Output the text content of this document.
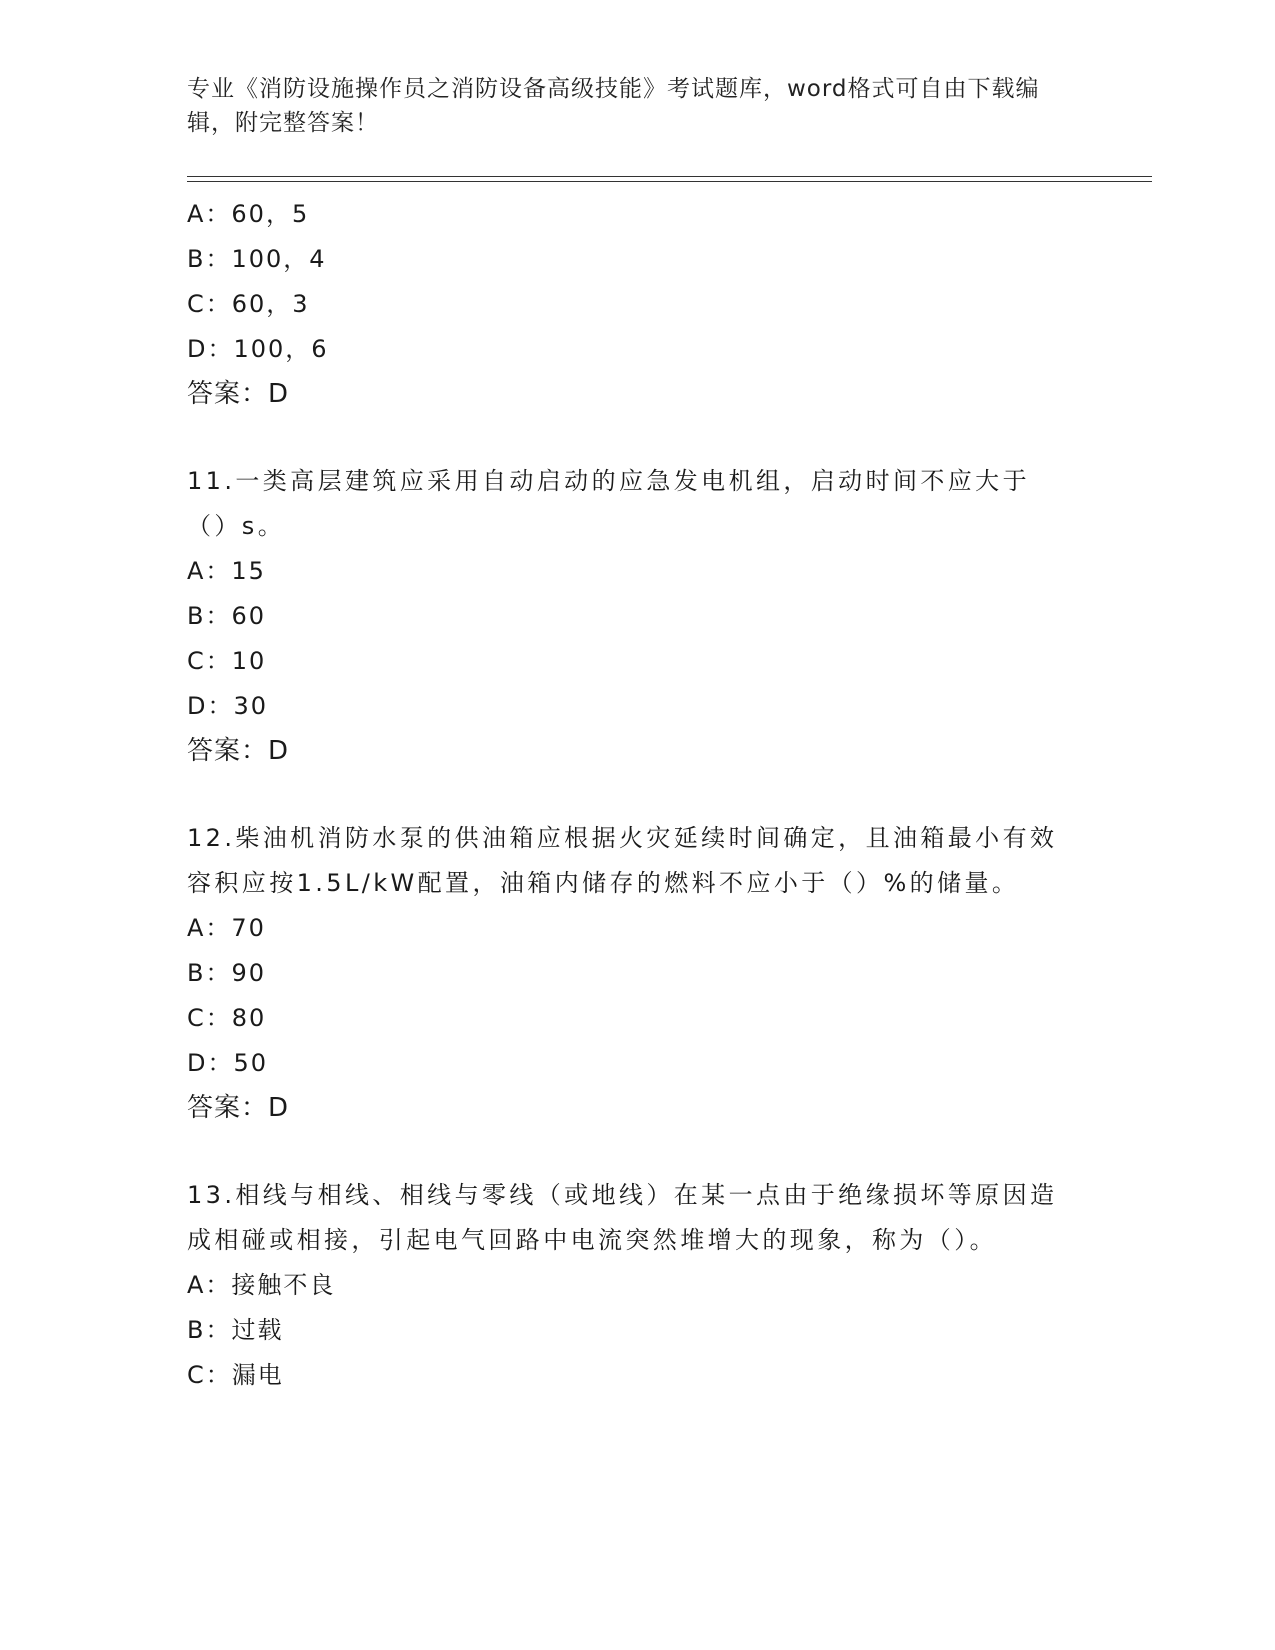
专业《消防设施操作员之消防设备高级技能》考试题库，word格式可自由下载编辑，附完整答案！
A：60，5
B：100，4
C：60，3
D：100，6
答案：D
11.一类高层建筑应采用自动启动的应急发电机组，启动时间不应大于（）s。
A：15
B：60
C：10
D：30
答案：D
12.柴油机消防水泵的供油箱应根据火灾延续时间确定，且油箱最小有效容积应按1.5L/kW配置，油箱内储存的燃料不应小于（）%的储量。
A：70
B：90
C：80
D：50
答案：D
13.相线与相线、相线与零线（或地线）在某一点由于绝缘损坏等原因造成相碰或相接，引起电气回路中电流突然堆增大的现象，称为（）。
A：接触不良
B：过载
C：漏电
